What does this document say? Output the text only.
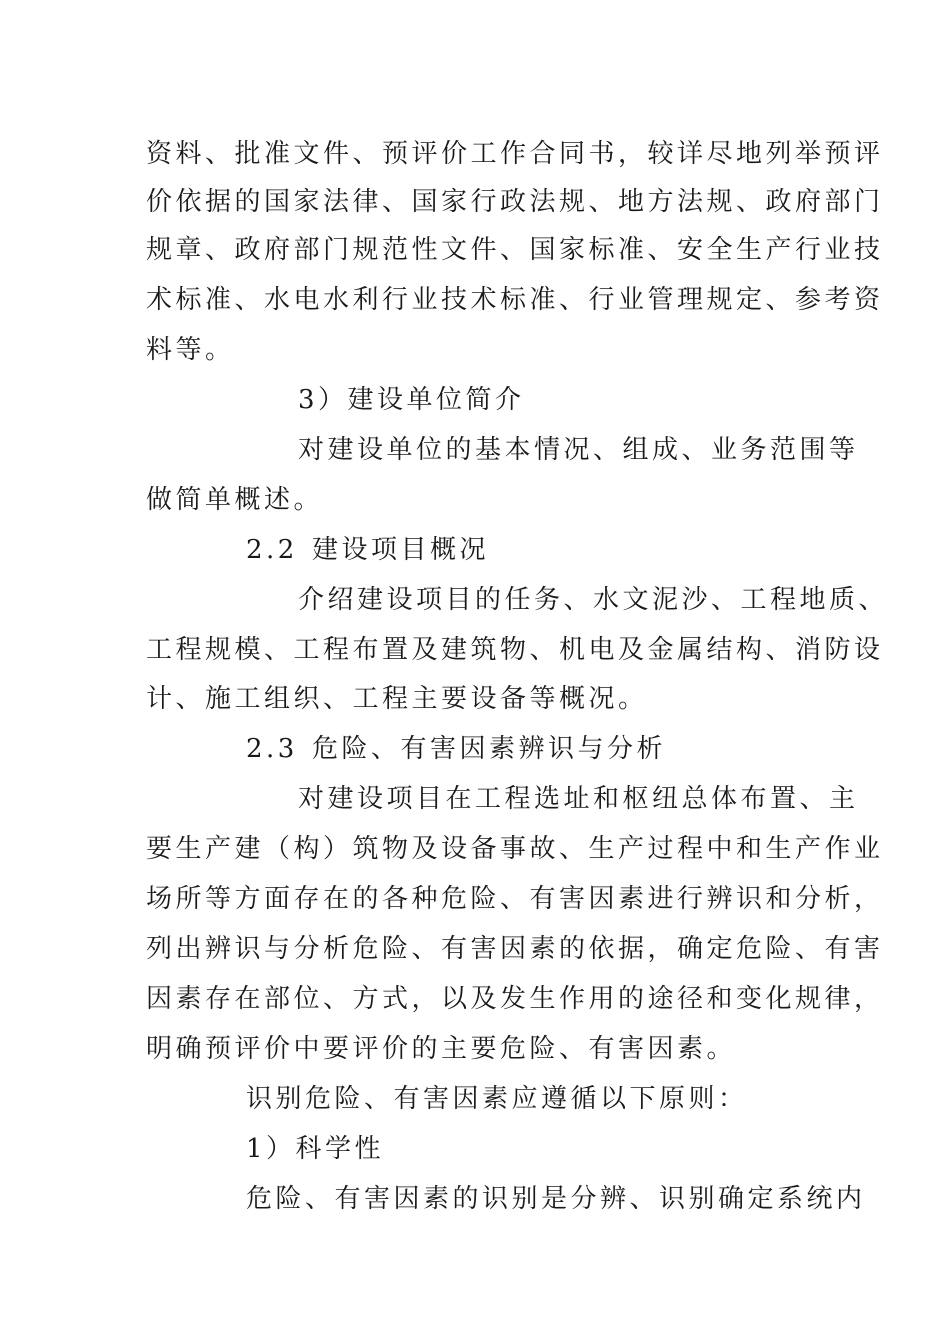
资料、批准文件、预评价工作合同书，较详尽地列举预评
价依据的国家法律、国家行政法规、地方法规、政府部门
规章、政府部门规范性文件、国家标准、安全生产行业技
术标准、水电水利行业技术标准、行业管理规定、参考资
料等。
3）建设单位简介
对建设单位的基本情况、组成、业务范围等
做简单概述。
2.2 建设项目概况
介绍建设项目的任务、水文泥沙、工程地质、
工程规模、工程布置及建筑物、机电及金属结构、消防设
计、施工组织、工程主要设备等概况。
2.3 危险、有害因素辨识与分析
对建设项目在工程选址和枢纽总体布置、主
要生产建（构）筑物及设备事故、生产过程中和生产作业
场所等方面存在的各种危险、有害因素进行辨识和分析，
列出辨识与分析危险、有害因素的依据，确定危险、有害
因素存在部位、方式，以及发生作用的途径和变化规律，
明确预评价中要评价的主要危险、有害因素。
识别危险、有害因素应遵循以下原则：
1）科学性
危险、有害因素的识别是分辨、识别确定系统内
